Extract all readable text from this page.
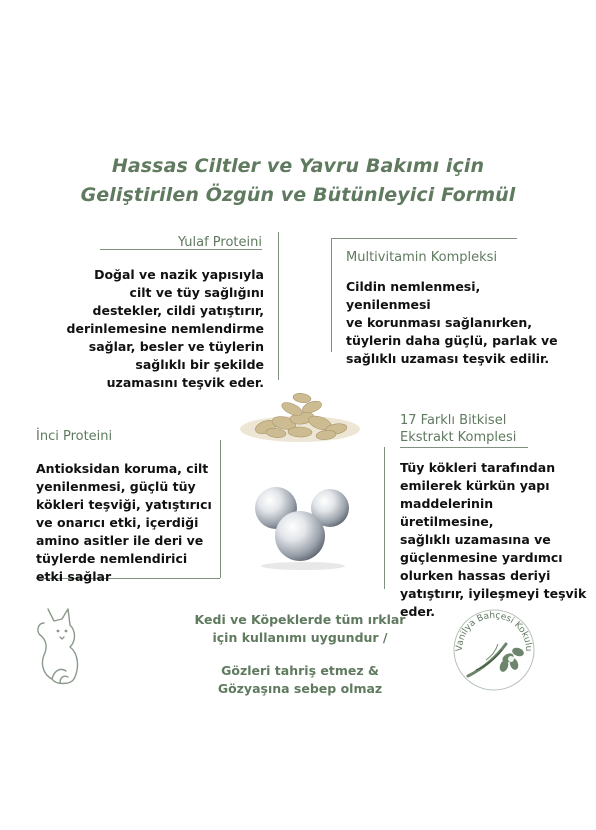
Hassas Ciltler ve Yavru Bakımı için
Geliştirilen Özgün ve Bütünleyici Formül
Yulaf Proteini
Doğal ve nazik yapısıyla
cilt ve tüy sağlığını
destekler, cildi yatıştırır,
derinlemesine nemlendirme
sağlar, besler ve tüylerin
sağlıklı bir şekilde
uzamasını teşvik eder.
Multivitamin Kompleksi
Cildin nemlenmesi, yenilenmesi
ve korunması sağlanırken,
tüylerin daha güçlü, parlak ve
sağlıklı uzaması teşvik edilir.
İnci Proteini
Antioksidan koruma, cilt
yenilenmesi, güçlü tüy
kökleri teşviği, yatıştırıcı
ve onarıcı etki, içerdiği
amino asitler ile deri ve
tüylerde nemlendirici
etki sağlar
17 Farklı Bitkisel
Ekstrakt Komplesi
Tüy kökleri tarafından
emilerek kürkün yapı
maddelerinin üretilmesine,
sağlıklı uzamasına ve
güçlenmesine yardımcı
olurken hassas deriyi
yatıştırır, iyileşmeyi teşvik
eder.
Kedi ve Köpeklerde tüm ırklar
için kullanımı uygundur /
Gözleri tahriş etmez &
Gözyaşına sebep olmaz
Vanilya Bahçesi Kokulu
